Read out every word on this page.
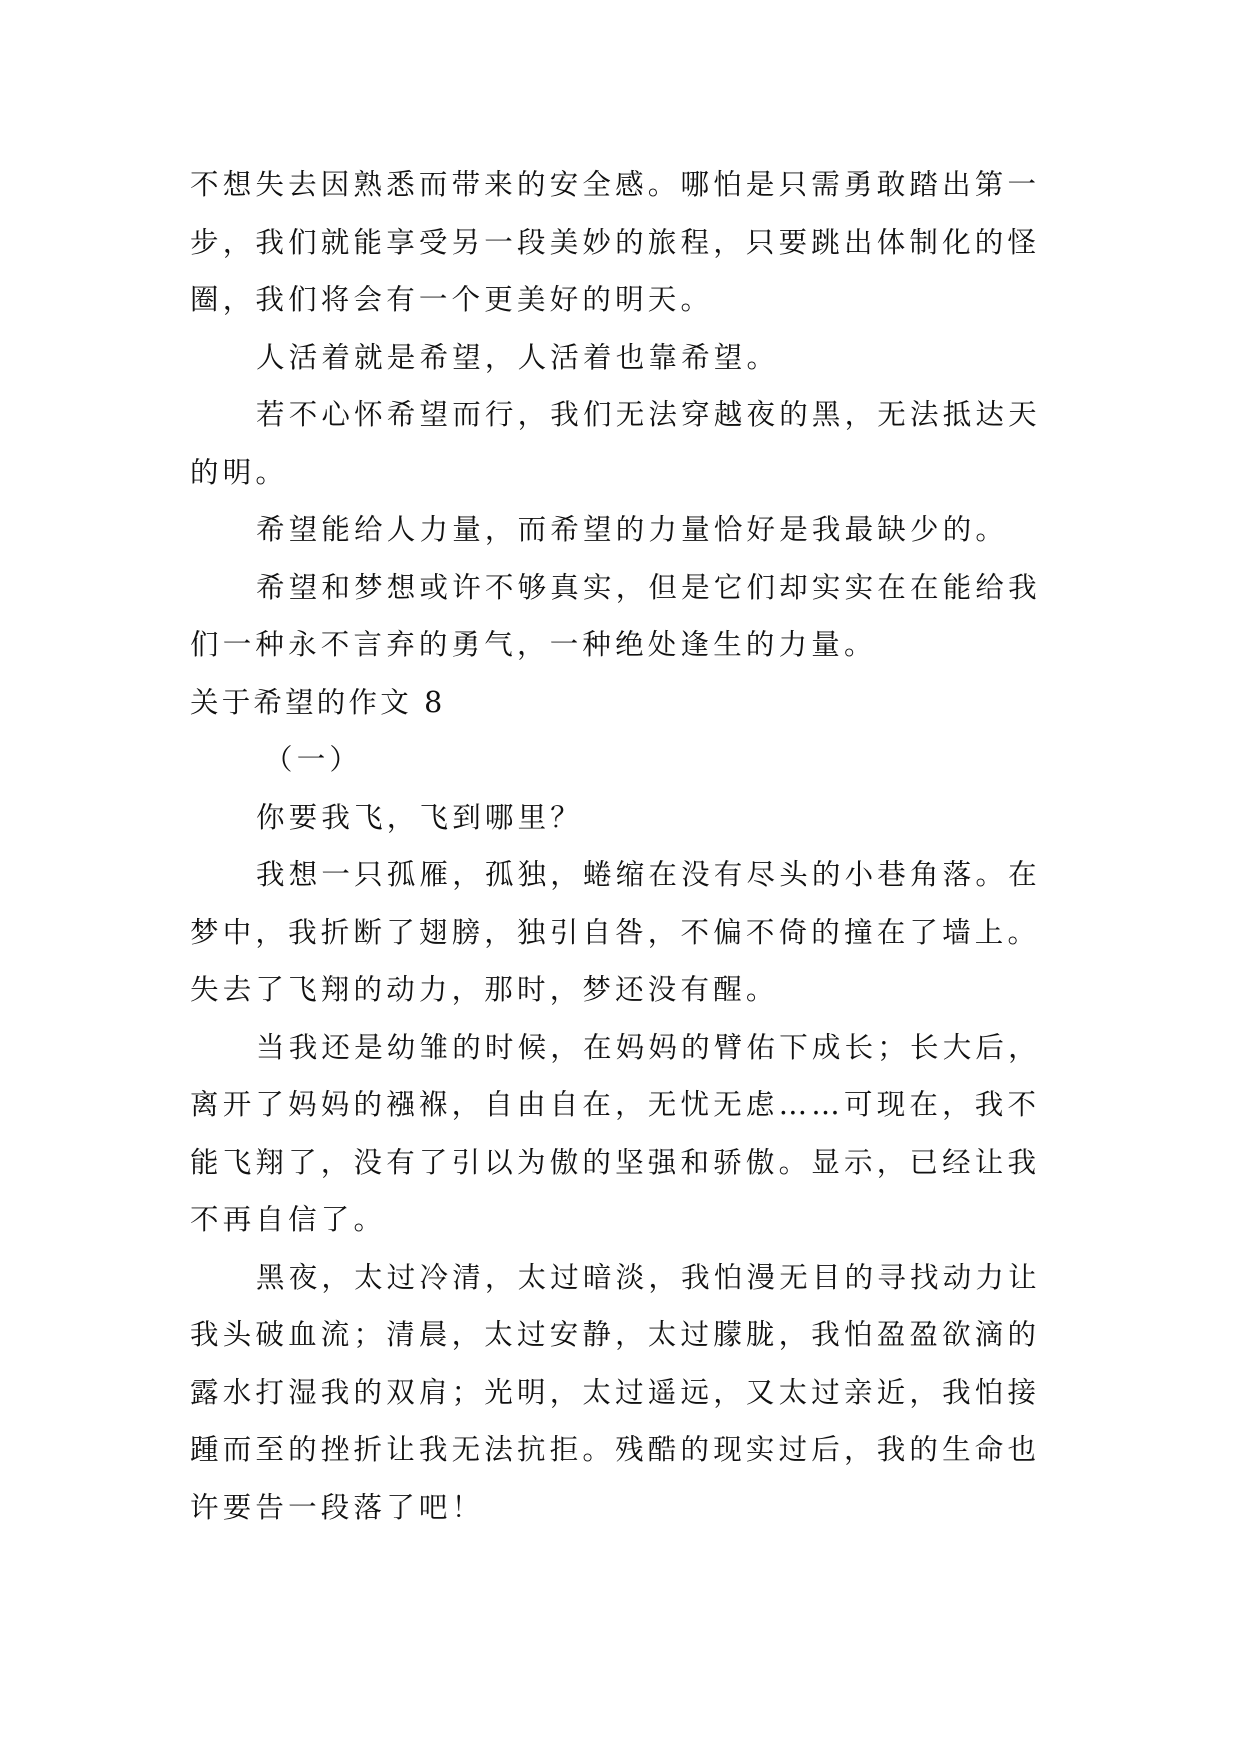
不想失去因熟悉而带来的安全感。哪怕是只需勇敢踏出第一
步，我们就能享受另一段美妙的旅程，只要跳出体制化的怪
圈，我们将会有一个更美好的明天。
人活着就是希望，人活着也靠希望。
若不心怀希望而行，我们无法穿越夜的黑，无法抵达天
的明。
希望能给人力量，而希望的力量恰好是我最缺少的。
希望和梦想或许不够真实，但是它们却实实在在能给我
们一种永不言弃的勇气，一种绝处逢生的力量。
关于希望的作文 8
（一）
你要我飞，飞到哪里？
我想一只孤雁，孤独，蜷缩在没有尽头的小巷角落。在
梦中，我折断了翅膀，独引自咎，不偏不倚的撞在了墙上。
失去了飞翔的动力，那时，梦还没有醒。
当我还是幼雏的时候，在妈妈的臂佑下成长；长大后，
离开了妈妈的襁褓，自由自在，无忧无虑……可现在，我不
能飞翔了，没有了引以为傲的坚强和骄傲。显示，已经让我
不再自信了。
黑夜，太过冷清，太过暗淡，我怕漫无目的寻找动力让
我头破血流；清晨，太过安静，太过朦胧，我怕盈盈欲滴的
露水打湿我的双肩；光明，太过遥远，又太过亲近，我怕接
踵而至的挫折让我无法抗拒。残酷的现实过后，我的生命也
许要告一段落了吧！
